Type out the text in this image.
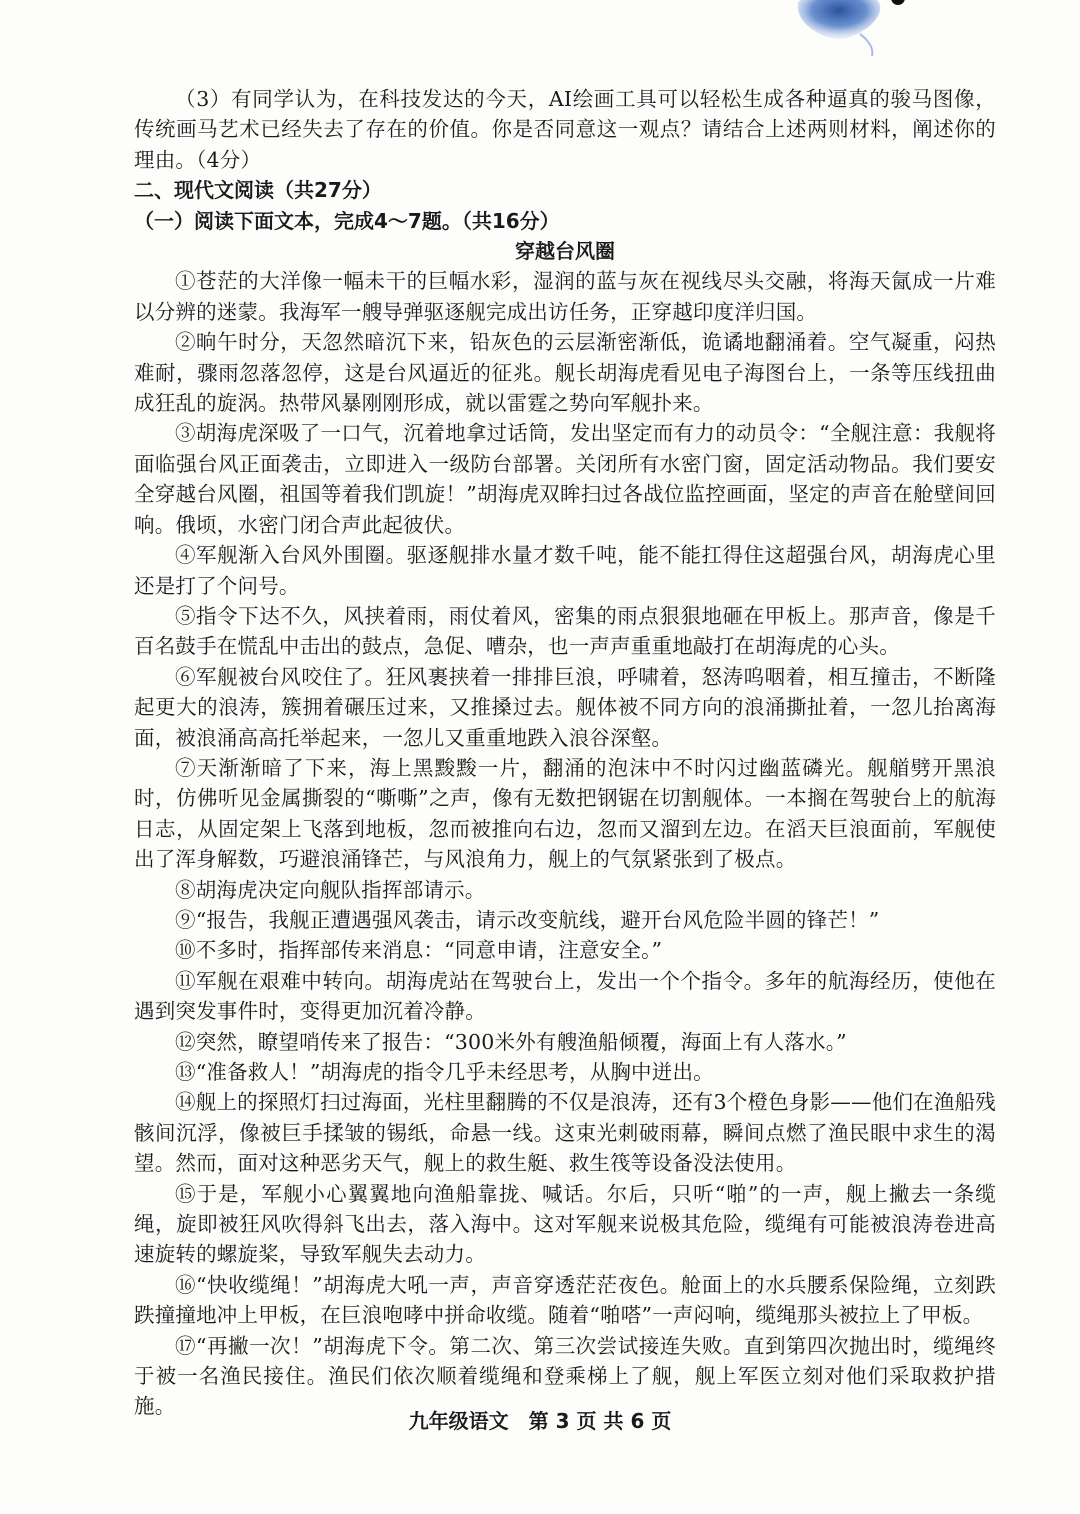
（3）有同学认为，在科技发达的今天，AI绘画工具可以轻松生成各种逼真的骏马图像，传统画马艺术已经失去了存在的价值。你是否同意这一观点？请结合上述两则材料，阐述你的理由。（4分）

二、现代文阅读（共27分）

（一）阅读下面文本，完成4～7题。（共16分）

穿越台风圈

①苍茫的大洋像一幅未干的巨幅水彩，湿润的蓝与灰在视线尽头交融，将海天氤成一片难以分辨的迷蒙。我海军一艘导弹驱逐舰完成出访任务，正穿越印度洋归国。

②晌午时分，天忽然暗沉下来，铅灰色的云层渐密渐低，诡谲地翻涌着。空气凝重，闷热难耐，骤雨忽落忽停，这是台风逼近的征兆。舰长胡海虎看见电子海图台上，一条等压线扭曲成狂乱的旋涡。热带风暴刚刚形成，就以雷霆之势向军舰扑来。

③胡海虎深吸了一口气，沉着地拿过话筒，发出坚定而有力的动员令：“全舰注意：我舰将面临强台风正面袭击，立即进入一级防台部署。关闭所有水密门窗，固定活动物品。我们要安全穿越台风圈，祖国等着我们凯旋！”胡海虎双眸扫过各战位监控画面，坚定的声音在舱壁间回响。俄顷，水密门闭合声此起彼伏。

④军舰渐入台风外围圈。驱逐舰排水量才数千吨，能不能扛得住这超强台风，胡海虎心里还是打了个问号。

⑤指令下达不久，风挟着雨，雨仗着风，密集的雨点狠狠地砸在甲板上。那声音，像是千百名鼓手在慌乱中击出的鼓点，急促、嘈杂，也一声声重重地敲打在胡海虎的心头。

⑥军舰被台风咬住了。狂风裹挟着一排排巨浪，呼啸着，怒涛呜咽着，相互撞击，不断隆起更大的浪涛，簇拥着碾压过来，又推搡过去。舰体被不同方向的浪涌撕扯着，一忽儿抬离海面，被浪涌高高托举起来，一忽儿又重重地跌入浪谷深壑。

⑦天渐渐暗了下来，海上黑黢黢一片，翻涌的泡沫中不时闪过幽蓝磷光。舰艏劈开黑浪时，仿佛听见金属撕裂的“嘶嘶”之声，像有无数把钢锯在切割舰体。一本搁在驾驶台上的航海日志，从固定架上飞落到地板，忽而被推向右边，忽而又溜到左边。在滔天巨浪面前，军舰使出了浑身解数，巧避浪涌锋芒，与风浪角力，舰上的气氛紧张到了极点。

⑧胡海虎决定向舰队指挥部请示。

⑨“报告，我舰正遭遇强风袭击，请示改变航线，避开台风危险半圆的锋芒！”

⑩不多时，指挥部传来消息：“同意申请，注意安全。”

⑪军舰在艰难中转向。胡海虎站在驾驶台上，发出一个个指令。多年的航海经历，使他在遇到突发事件时，变得更加沉着冷静。

⑫突然，瞭望哨传来了报告：“300米外有艘渔船倾覆，海面上有人落水。”

⑬“准备救人！”胡海虎的指令几乎未经思考，从胸中迸出。

⑭舰上的探照灯扫过海面，光柱里翻腾的不仅是浪涛，还有3个橙色身影——他们在渔船残骸间沉浮，像被巨手揉皱的锡纸，命悬一线。这束光刺破雨幕，瞬间点燃了渔民眼中求生的渴望。然而，面对这种恶劣天气，舰上的救生艇、救生筏等设备没法使用。

⑮于是，军舰小心翼翼地向渔船靠拢、喊话。尔后，只听“啪”的一声，舰上撇去一条缆绳，旋即被狂风吹得斜飞出去，落入海中。这对军舰来说极其危险，缆绳有可能被浪涛卷进高速旋转的螺旋桨，导致军舰失去动力。

⑯“快收缆绳！”胡海虎大吼一声，声音穿透茫茫夜色。舱面上的水兵腰系保险绳，立刻跌跌撞撞地冲上甲板，在巨浪咆哮中拼命收缆。随着“啪嗒”一声闷响，缆绳那头被拉上了甲板。

⑰“再撇一次！”胡海虎下令。第二次、第三次尝试接连失败。直到第四次抛出时，缆绳终于被一名渔民接住。渔民们依次顺着缆绳和登乘梯上了舰，舰上军医立刻对他们采取救护措施。

九年级语文　第 3 页 共 6 页
